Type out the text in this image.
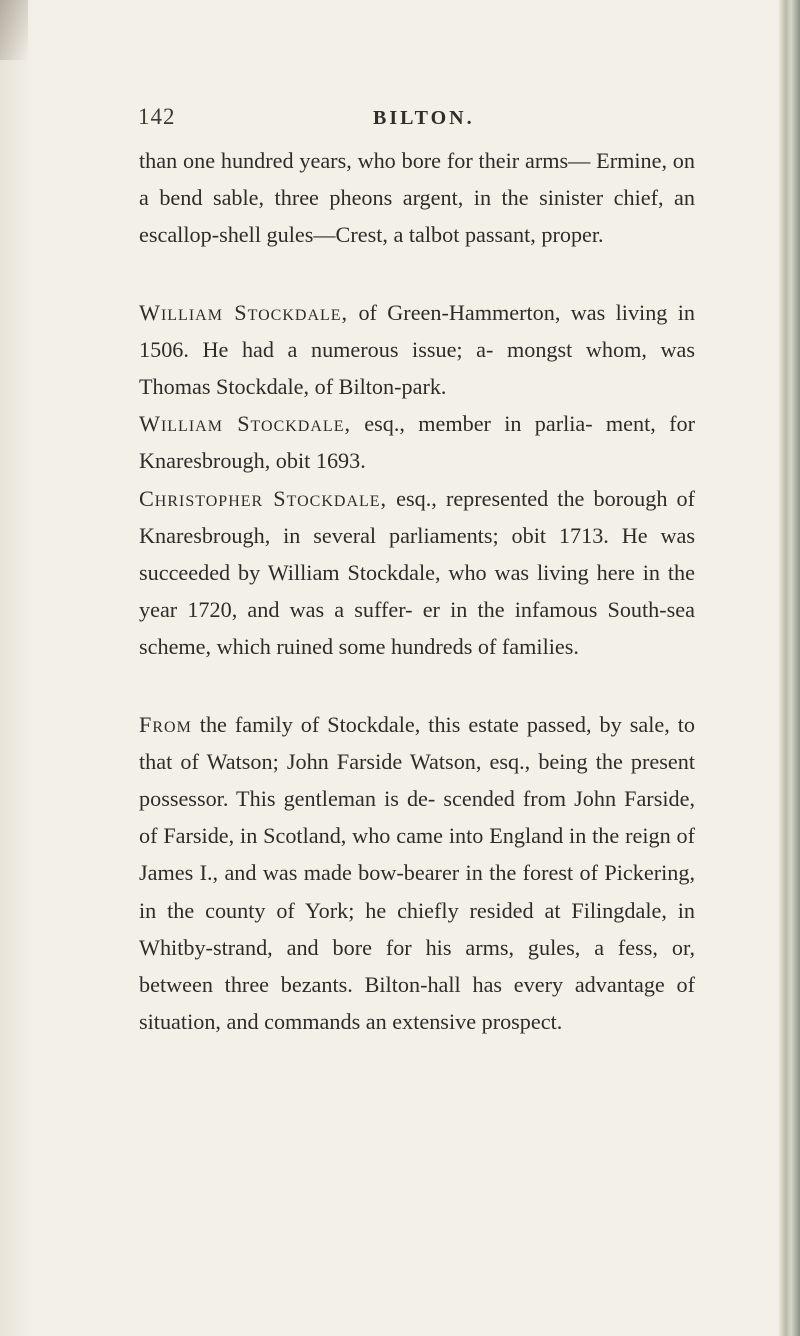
142	BILTON.

than one hundred years, who bore for their arms— Ermine, on a bend sable, three pheons argent, in the sinister chief, an escallop-shell gules—Crest, a talbot passant, proper.

William Stockdale, of Green-Hammerton, was living in 1506. He had a numerous issue; a- mongst whom, was Thomas Stockdale, of Bilton-park.

William Stockdale, esq., member in parlia- ment, for Knaresbrough, obit 1693.

Christopher Stockdale, esq., represented the borough of Knaresbrough, in several parliaments; obit 1713. He was succeeded by William Stockdale, who was living here in the year 1720, and was a suffer- er in the infamous South-sea scheme, which ruined some hundreds of families.

From the family of Stockdale, this estate passed, by sale, to that of Watson; John Farside Watson, esq., being the present possessor. This gentleman is de- scended from John Farside, of Farside, in Scotland, who came into England in the reign of James I., and was made bow-bearer in the forest of Pickering, in the county of York; he chiefly resided at Filingdale, in Whitby-strand, and bore for his arms, gules, a fess, or, between three bezants. Bilton-hall has every advantage of situation, and commands an extensive prospect.
